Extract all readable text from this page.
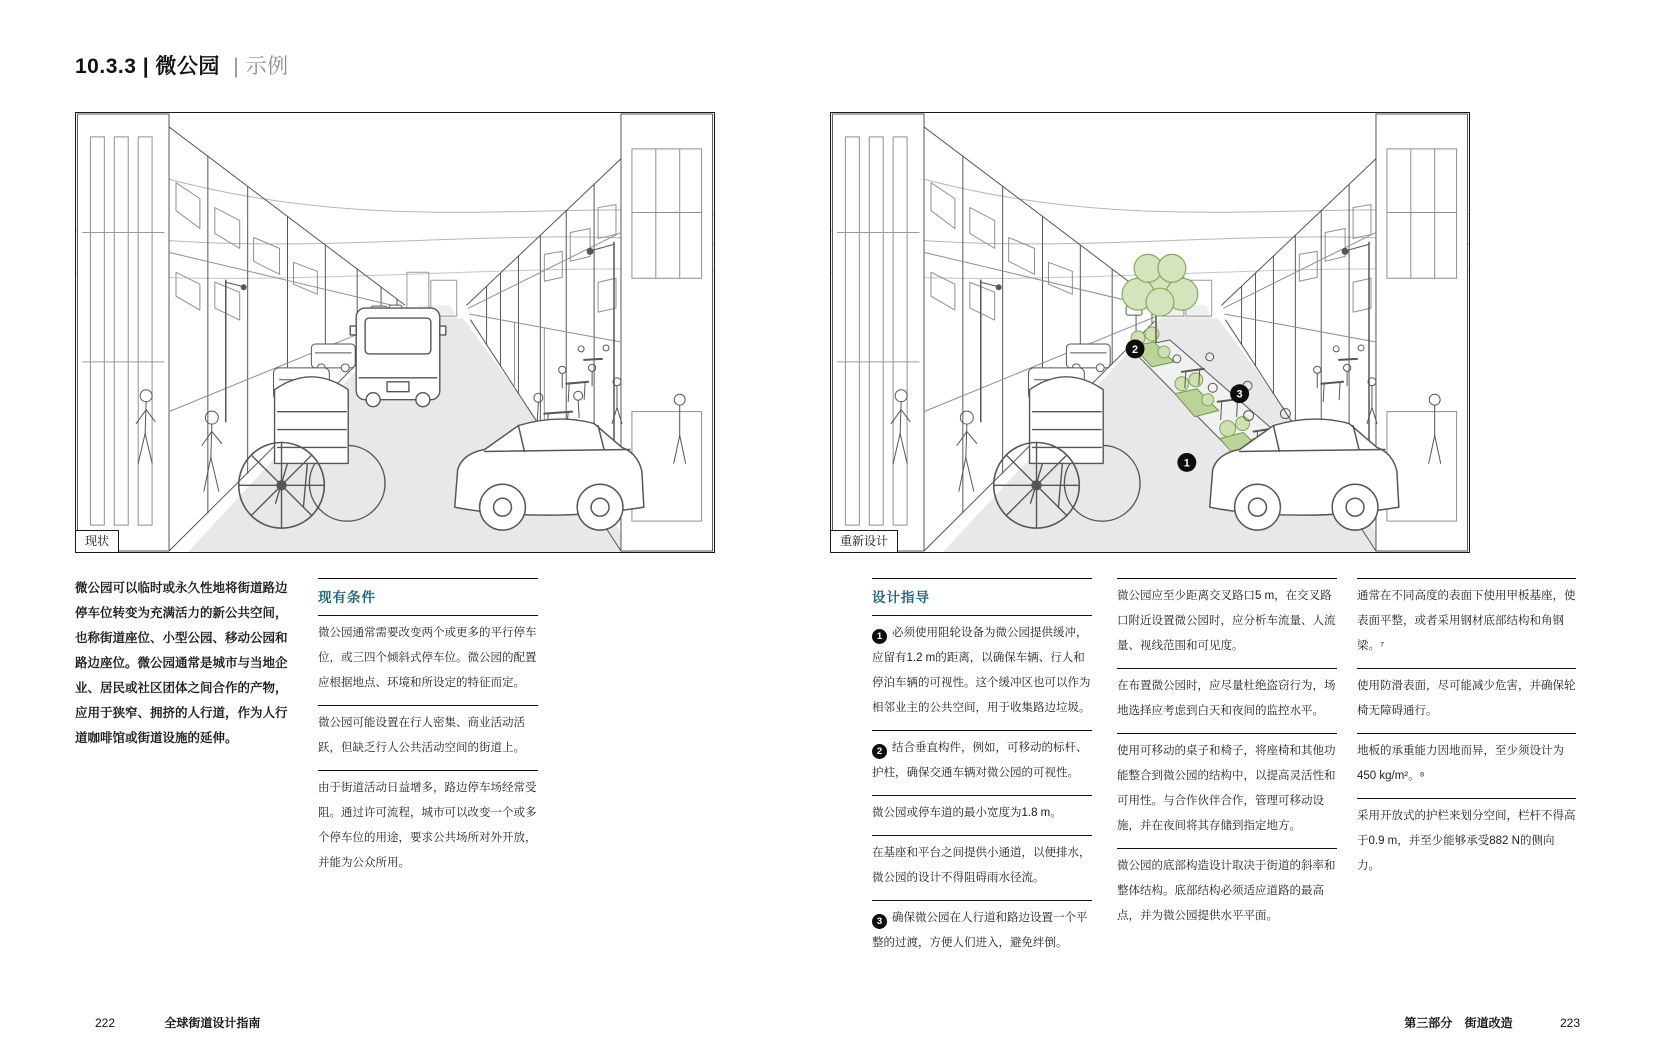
10.3.3 | 微公园 | 示例
现状
1
2
3
重新设计

微公园可以临时或永久性地将街道路边停车位转变为充满活力的新公共空间，也称街道座位、小型公园、移动公园和路边座位。微公园通常是城市与当地企业、居民或社区团体之间合作的产物，应用于狭窄、拥挤的人行道，作为人行道咖啡馆或街道设施的延伸。

现有条件

微公园通常需要改变两个或更多的平行停车位，或三四个倾斜式停车位。微公园的配置应根据地点、环境和所设定的特征而定。

微公园可能设置在行人密集、商业活动活跃，但缺乏行人公共活动空间的街道上。

由于街道活动日益增多，路边停车场经常受阻。通过许可流程，城市可以改变一个或多个停车位的用途，要求公共场所对外开放，并能为公众所用。

设计指导

1 必须使用阻轮设备为微公园提供缓冲，应留有1.2 m的距离，以确保车辆、行人和停泊车辆的可视性。这个缓冲区也可以作为相邻业主的公共空间，用于收集路边垃圾。

2 结合垂直构件，例如，可移动的标杆、护柱，确保交通车辆对微公园的可视性。

微公园或停车道的最小宽度为1.8 m。

在基座和平台之间提供小通道，以便排水，微公园的设计不得阻碍雨水径流。

3 确保微公园在人行道和路边设置一个平整的过渡，方便人们进入，避免绊倒。

微公园应至少距离交叉路口5 m，在交叉路口附近设置微公园时，应分析车流量、人流量、视线范围和可见度。

在布置微公园时，应尽量杜绝盗窃行为，场地选择应考虑到白天和夜间的监控水平。

使用可移动的桌子和椅子，将座椅和其他功能整合到微公园的结构中，以提高灵活性和可用性。与合作伙伴合作，管理可移动设施，并在夜间将其存储到指定地方。

微公园的底部构造设计取决于街道的斜率和整体结构。底部结构必须适应道路的最高点，并为微公园提供水平平面。

通常在不同高度的表面下使用甲板基座，使表面平整，或者采用钢材底部结构和角钢梁。⁷

使用防滑表面，尽可能减少危害，并确保轮椅无障碍通行。

地板的承重能力因地而异，至少须设计为450 kg/m²。⁸

采用开放式的护栏来划分空间，栏杆不得高于0.9 m，并至少能够承受882 N的侧向力。

222	全球街道设计指南	第三部分 街道改造	223
